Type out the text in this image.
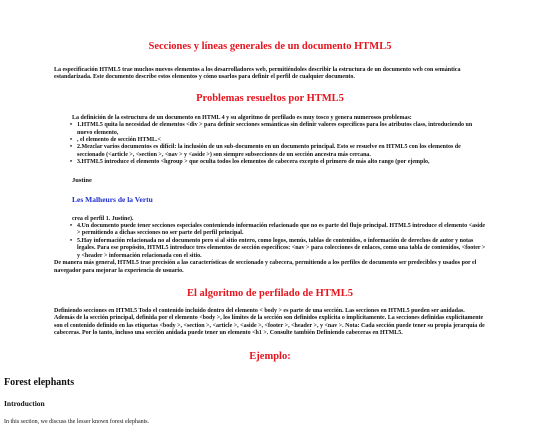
Secciones y líneas generales de un documento HTML5

La especificación HTML5 trae muchos nuevos elementos a los desarrolladores web, permitiéndoles describir la estructura de un documento web con semántica estandarizada. Este documento describe estos elementos y cómo usarlos para definir el perfil de cualquier documento.

Problemas resueltos por HTML5

La definición de la estructura de un documento en HTML 4 y su algoritmo de perfilado es muy tosco y genera numerosos problemas:

• 1.HTML5 quita la necesidad de elementos <div > para definir secciones semánticas sin definir valores específicos para los atributos class, introduciendo un nuevo elemento,
• , el elemento de sección HTML.<
• 2.Mezclar varios documentos es difícil: la inclusión de un sub-documento en un documento principal. Esto se resuelve en HTML5 con los elementos de seccionado (<article >, <section >, <nav > y <aside >) son siempre subsecciones de un sección ancestra más cercana.
• 3.HTML5 introduce el elemento <hgroup > que oculta todos los elementos de cabecera excepto el primero de más alto rango (por ejemplo,
Justine
Les Malheurs de la Vertu

crea el perfil 1. Justine).

• 4.Un documento puede tener secciones especiales conteniendo información relacionado que no es parte del flujo principal. HTML5 introduce el elemento <aside > permitiendo a dichas secciones no ser parte del perfil principal.
• 5.Hay información relacionada no al documento pero si al sitio entero, como logos, menús, tablas de contenidos, o información de derechos de autor y notas legales. Para ese propósito, HTML5 introduce tres elementos de sección específicos: <nav > para colecciones de enlaces, como una tabla de contenidos, <footer > y <header > información relacionada con el sitio.

De manera más general, HTML5 trae precisión a las características de seccionado y cabecera, permitiendo a los perfiles de documento ser predecibles y usados por el navegador para mejorar la experiencia de usuario.

El algoritmo de perfilado de HTML5

Definiendo secciones en HTML5 Todo el contenido incluido dentro del elemento < body > es parte de una sección. Las secciones en HTML5 pueden ser anidadas. Además de la sección principal, definida por el elemento <body >, los límites de la sección son definidos explícita o implícitamente. La secciones definidas explícitamente son el contenido definido en las etiquetas <body >, <section >, <article >, <aside >, <footer >, <header >, y <nav >. Nota: Cada sección puede tener su propia jerarquía de cabeceras. Por lo tanto, incluso una sección anidada puede tener un elemento <h1 >. Consulte también Definiendo cabeceras en HTML5.

Ejemplo:
Forest elephants
Introduction
In this section, we discuss the lesser known forest elephants.
